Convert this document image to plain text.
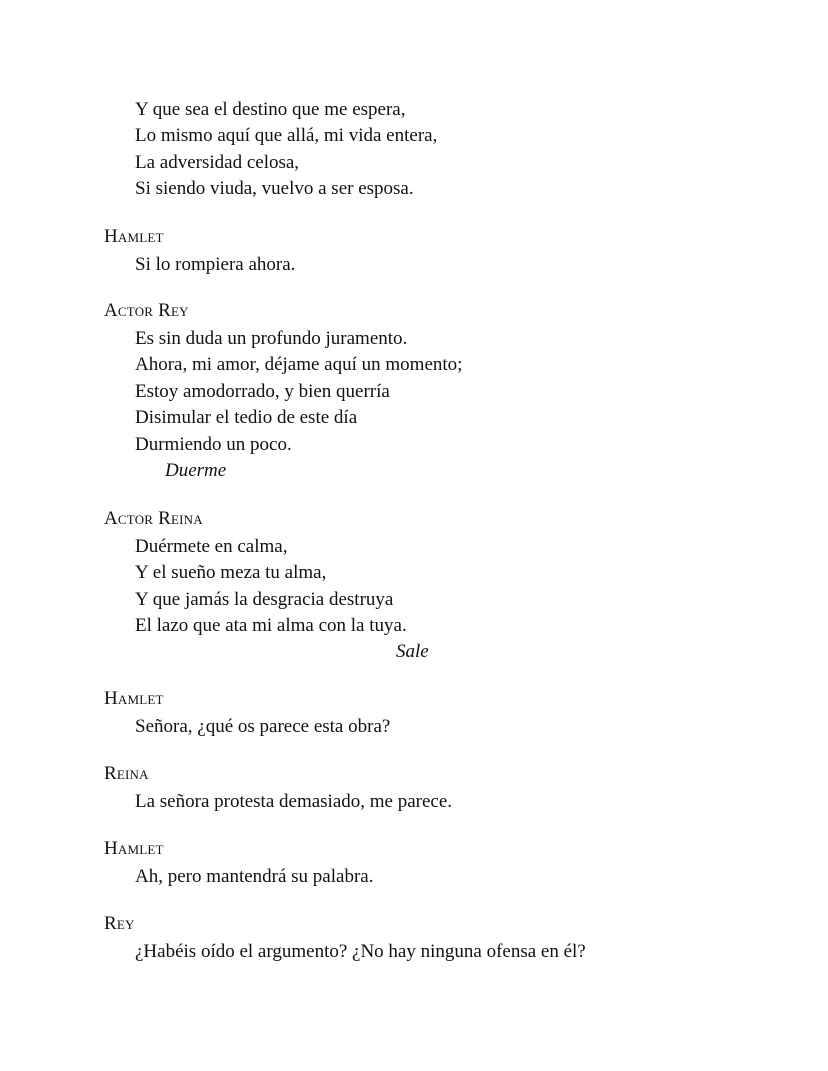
Y que sea el destino que me espera,
Lo mismo aquí que allá, mi vida entera,
La adversidad celosa,
Si siendo viuda, vuelvo a ser esposa.
Hamlet
Si lo rompiera ahora.
Actor Rey
Es sin duda un profundo juramento.
Ahora, mi amor, déjame aquí un momento;
Estoy amodorrado, y bien querría
Disimular el tedio de este día
Durmiendo un poco.
Duerme
Actor Reina
Duérmete en calma,
Y el sueño meza tu alma,
Y que jamás la desgracia destruya
El lazo que ata mi alma con la tuya.
Sale
Hamlet
Señora, ¿qué os parece esta obra?
Reina
La señora protesta demasiado, me parece.
Hamlet
Ah, pero mantendrá su palabra.
Rey
¿Habéis oído el argumento? ¿No hay ninguna ofensa en él?
